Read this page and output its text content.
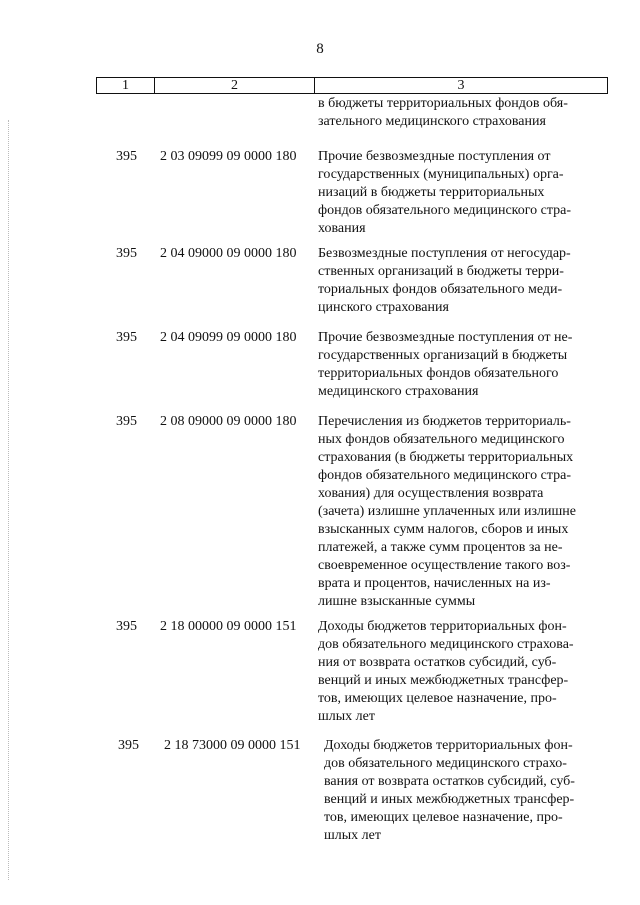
8
1	2	3
в бюджеты территориальных фондов обя-
зательного медицинского страхования
395	2 03 09099 09 0000 180	Прочие безвозмездные поступления от
государственных (муниципальных) орга-
низаций в бюджеты территориальных
фондов обязательного медицинского стра-
хования
395	2 04 09000 09 0000 180	Безвозмездные поступления от негосудар-
ственных организаций в бюджеты терри-
ториальных фондов обязательного меди-
цинского страхования
395	2 04 09099 09 0000 180	Прочие безвозмездные поступления от не-
государственных организаций в бюджеты
территориальных фондов обязательного
медицинского страхования
395	2 08 09000 09 0000 180	Перечисления из бюджетов территориаль-
ных фондов обязательного медицинского
страхования (в бюджеты территориальных
фондов обязательного медицинского стра-
хования) для осуществления возврата
(зачета) излишне уплаченных или излишне
взысканных сумм налогов, сборов и иных
платежей, а также сумм процентов за не-
своевременное осуществление такого воз-
врата и процентов, начисленных на из-
лишне взысканные суммы
395	2 18 00000 09 0000 151	Доходы бюджетов территориальных фон-
дов обязательного медицинского страхова-
ния от возврата остатков субсидий, суб-
венций и иных межбюджетных трансфер-
тов, имеющих целевое назначение, про-
шлых лет
395	2 18 73000 09 0000 151	Доходы бюджетов территориальных фон-
дов обязательного медицинского страхо-
вания от возврата остатков субсидий, суб-
венций и иных межбюджетных трансфер-
тов, имеющих целевое назначение, про-
шлых лет
